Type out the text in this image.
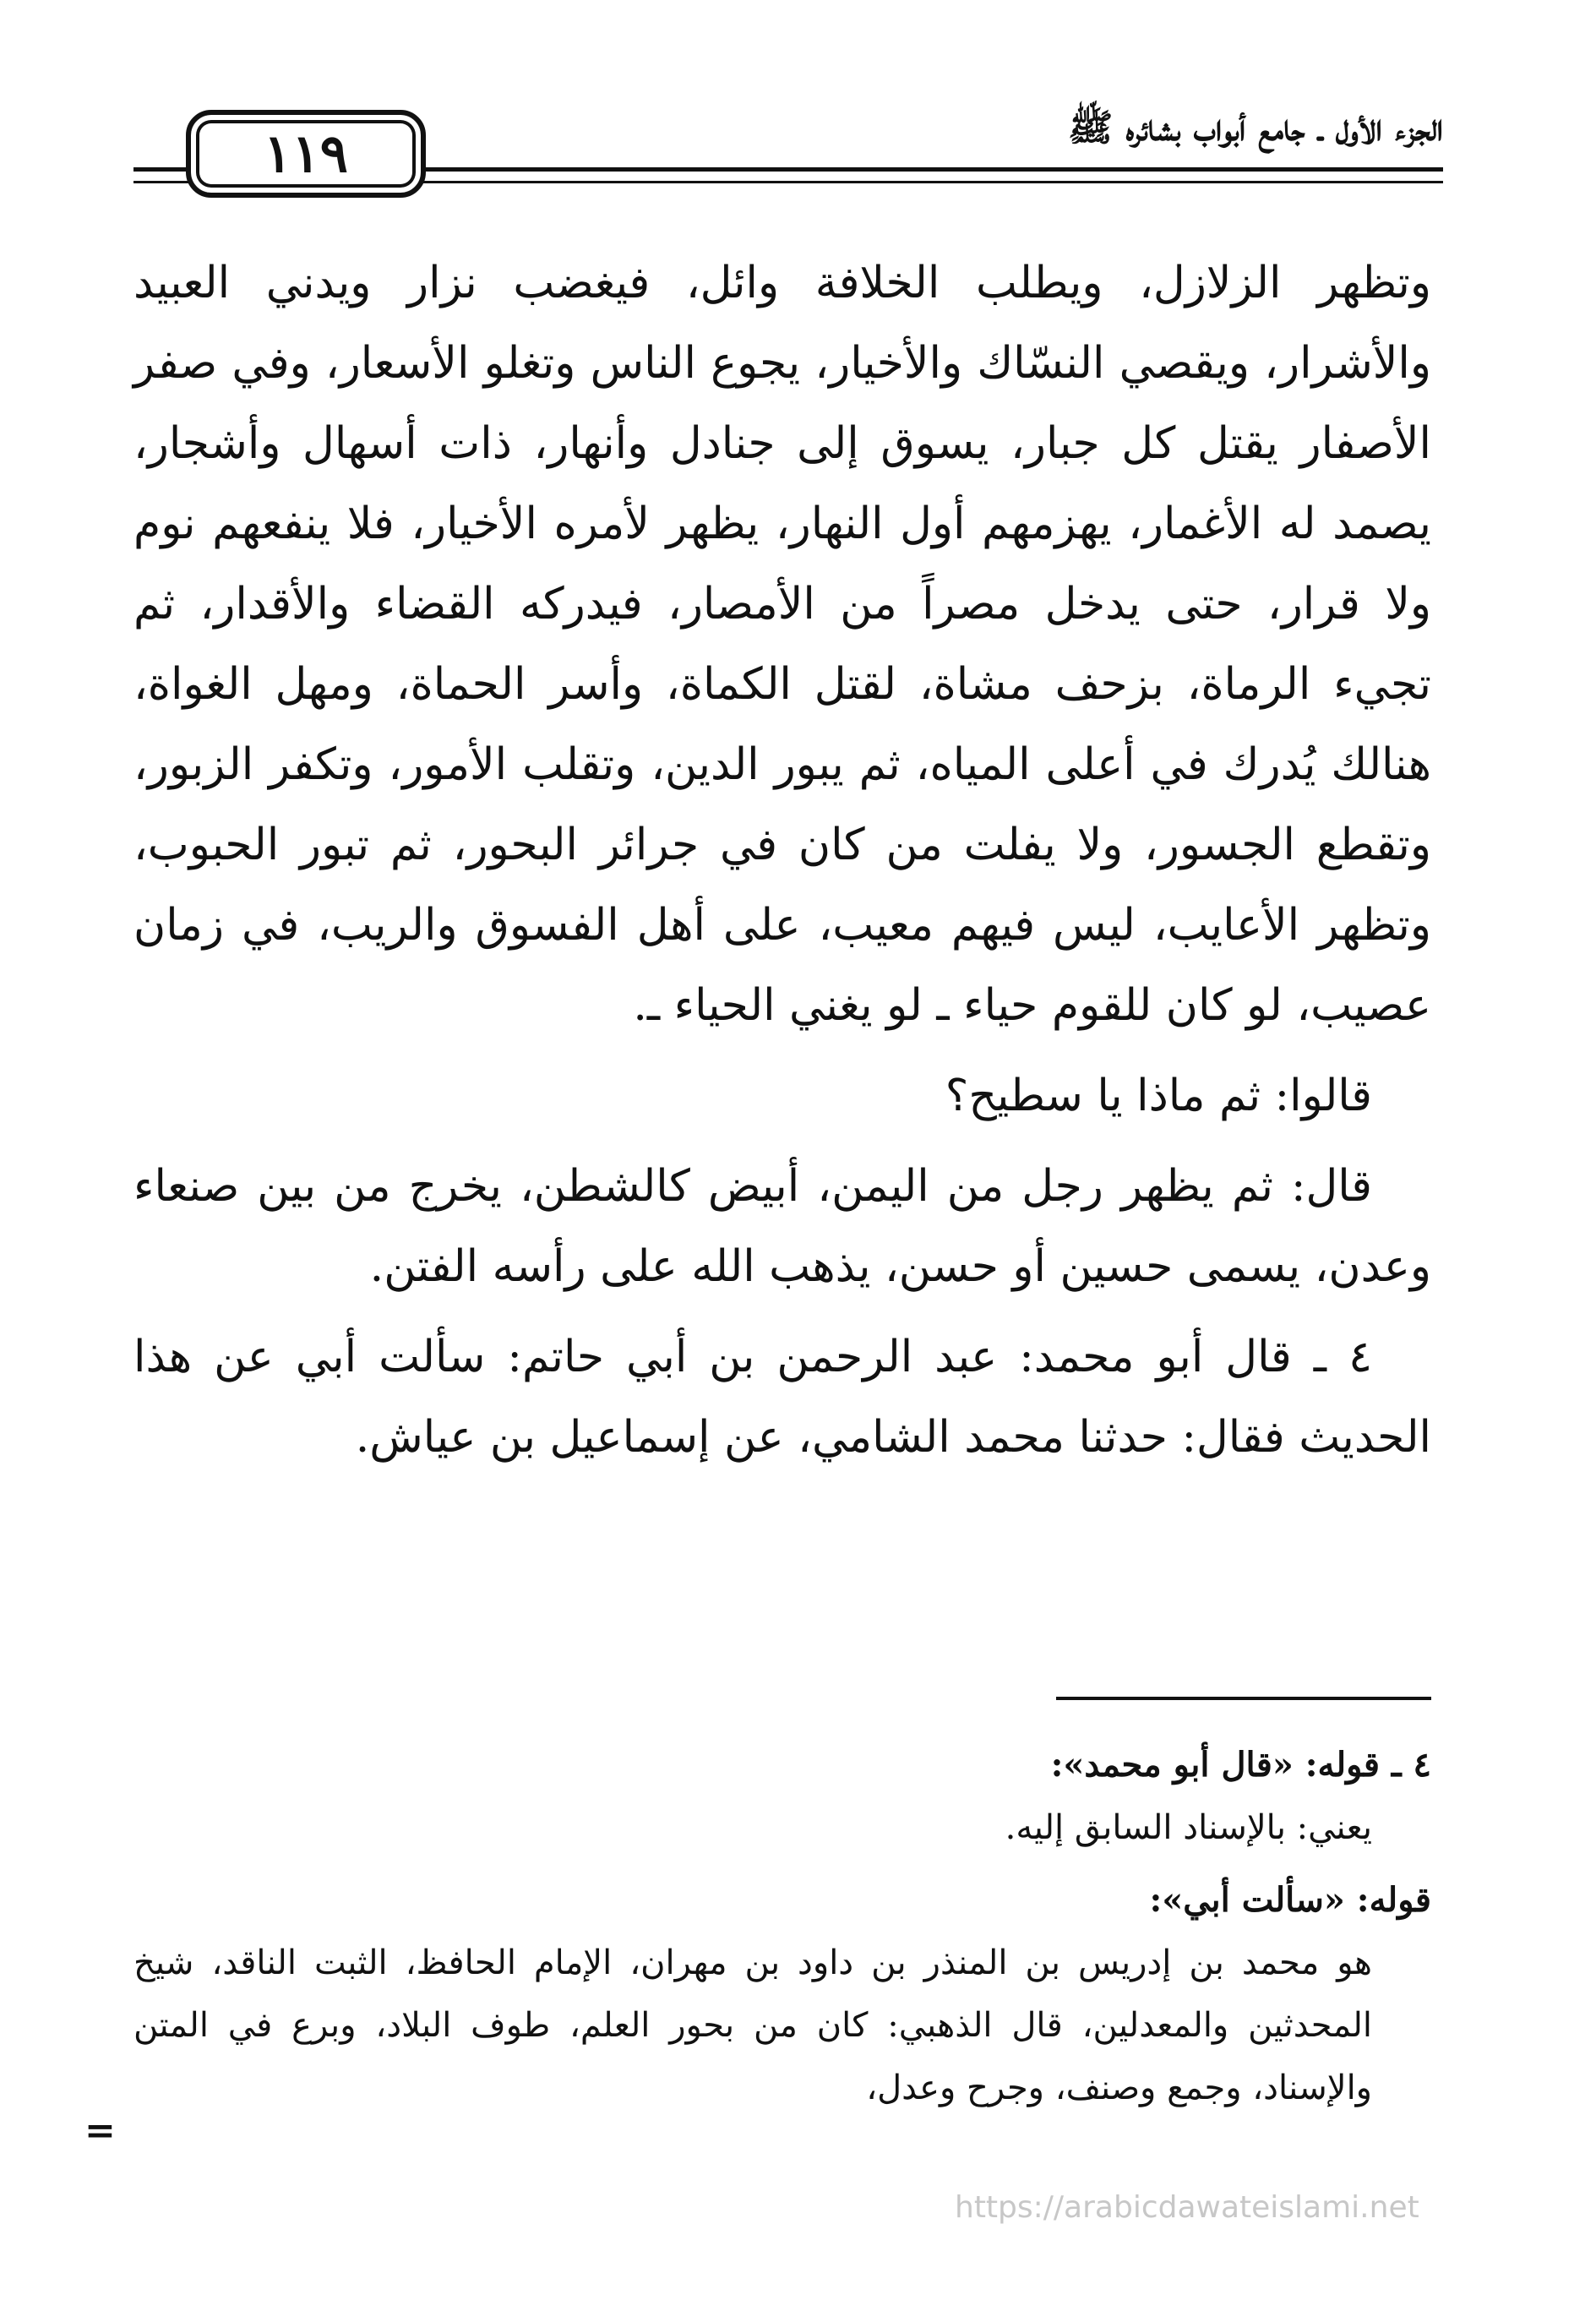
الجزء الأول ـ جامع أبواب بشائره ﷺ
١١٩

وتظهر الزلازل، ويطلب الخلافة وائل، فيغضب نزار ويدني العبيد والأشرار، ويقصي النسّاك والأخيار، يجوع الناس وتغلو الأسعار، وفي صفر الأصفار يقتل كل جبار، يسوق إلى جنادل وأنهار، ذات أسهال وأشجار، يصمد له الأغمار، يهزمهم أول النهار، يظهر لأمره الأخيار، فلا ينفعهم نوم ولا قرار، حتى يدخل مصراً من الأمصار، فيدركه القضاء والأقدار، ثم تجيء الرماة، بزحف مشاة، لقتل الكماة، وأسر الحماة، ومهل الغواة، هنالك يُدرك في أعلى المياه، ثم يبور الدين، وتقلب الأمور، وتكفر الزبور، وتقطع الجسور، ولا يفلت من كان في جرائر البحور، ثم تبور الحبوب، وتظهر الأعايب، ليس فيهم معيب، على أهل الفسوق والريب، في زمان عصيب، لو كان للقوم حياء ـ لو يغني الحياء ـ.

قالوا: ثم ماذا يا سطيح؟

قال: ثم يظهر رجل من اليمن، أبيض كالشطن، يخرج من بين صنعاء وعدن، يسمى حسين أو حسن، يذهب الله على رأسه الفتن.

٤ ـ قال أبو محمد: عبد الرحمن بن أبي حاتم: سألت أبي عن هذا الحديث فقال: حدثنا محمد الشامي، عن إسماعيل بن عياش.

٤ ـ قوله: «قال أبو محمد»:

يعني: بالإسناد السابق إليه.

قوله: «سألت أبي»:

هو محمد بن إدريس بن المنذر بن داود بن مهران، الإمام الحافظ، الثبت الناقد، شيخ المحدثين والمعدلين، قال الذهبي: كان من بحور العلم، طوف البلاد، وبرع في المتن والإسناد، وجمع وصنف، وجرح وعدل،

=
https://arabicdawateislami.net
